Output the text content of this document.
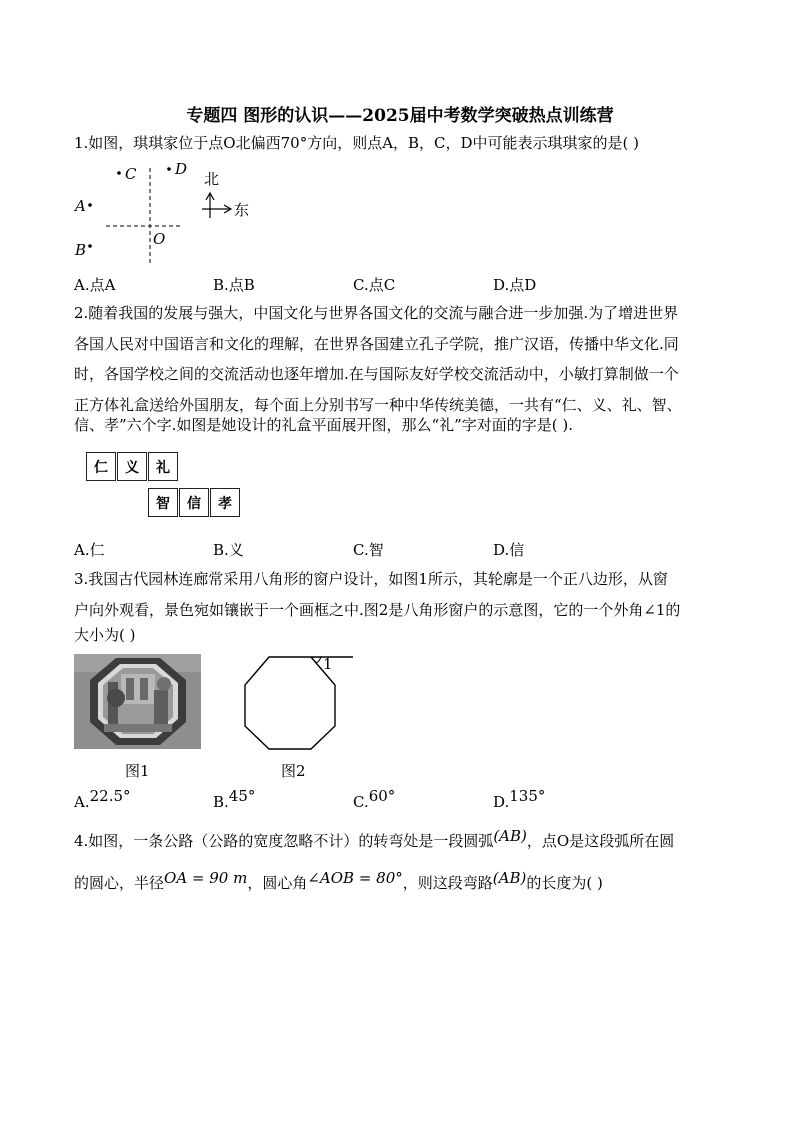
专题四 图形的认识——2025届中考数学突破热点训练营
1.如图，琪琪家位于点O北偏西70°方向，则点A，B，C，D中可能表示琪琪家的是( )
C	D
A
B
O
北
东
A.点A	B.点B	C.点C	D.点D
2.随着我国的发展与强大，中国文化与世界各国文化的交流与融合进一步加强.为了增进世界
各国人民对中国语言和文化的理解，在世界各国建立孔子学院，推广汉语，传播中华文化.同
时，各国学校之间的交流活动也逐年增加.在与国际友好学校交流活动中，小敏打算制做一个
正方体礼盒送给外国朋友，每个面上分别书写一种中华传统美德，一共有“仁、义、礼、智、
信、孝”六个字.如图是她设计的礼盒平面展开图，那么“礼”字对面的字是( ).
仁	义	礼
智	信	孝
A.仁	B.义	C.智	D.信
3.我国古代园林连廊常采用八角形的窗户设计，如图1所示，其轮廓是一个正八边形，从窗
户向外观看，景色宛如镶嵌于一个画框之中.图2是八角形窗户的示意图，它的一个外角∠1的
大小为( )
图1
1
图2
A.22.5°	B.45°	C.60°	D.135°
4.如图，一条公路（公路的宽度忽略不计）的转弯处是一段圆弧(AB)，点O是这段弧所在圆
的圆心，半径OA = 90 m，圆心角∠AOB = 80°，则这段弯路(AB)的长度为( )
